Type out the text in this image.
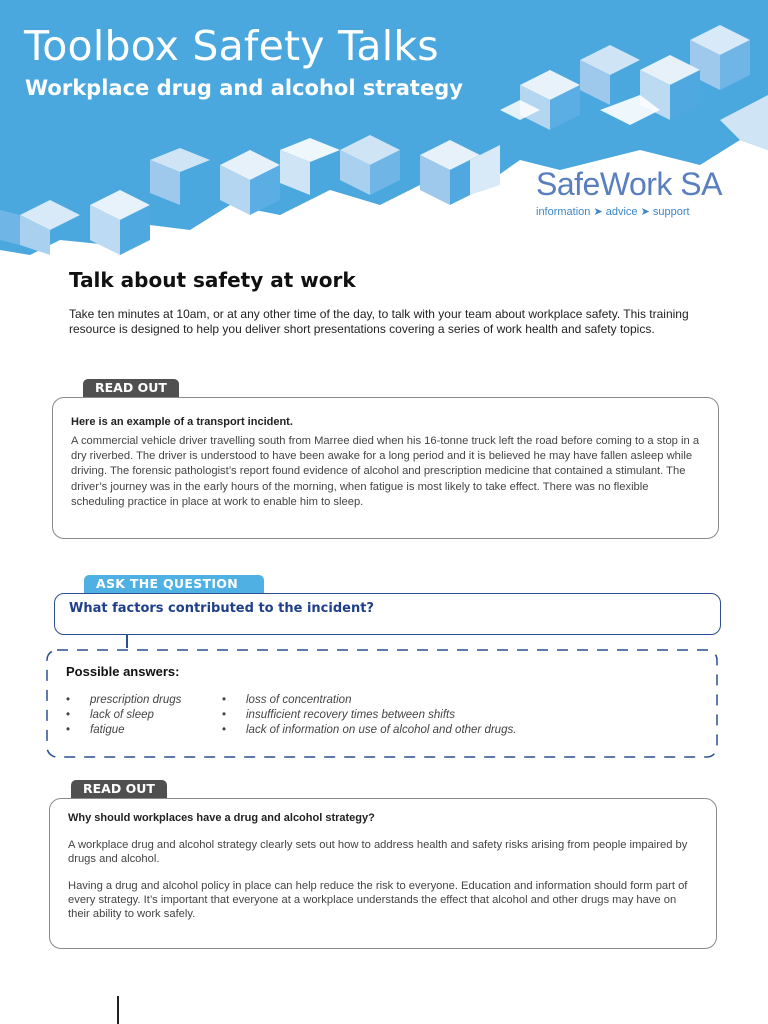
Toolbox Safety Talks
Workplace drug and alcohol strategy
SafeWork SA
information ➤ advice ➤ support
Talk about safety at work

Take ten minutes at 10am, or at any other time of the day, to talk with your team about workplace safety. This training resource is designed to help you deliver short presentations covering a series of work health and safety topics.

READ OUT

Here is an example of a transport incident.

A commercial vehicle driver travelling south from Marree died when his 16-tonne truck left the road before coming to a stop in a dry riverbed. The driver is understood to have been awake for a long period and it is believed he may have fallen asleep while driving. The forensic pathologist’s report found evidence of alcohol and prescription medicine that contained a stimulant. The driver’s journey was in the early hours of the morning, when fatigue is most likely to take effect. There was no flexible scheduling practice in place at work to enable him to sleep.

ASK THE QUESTION

What factors contributed to the incident?

Possible answers:

• prescription drugs
• lack of sleep
• fatigue
• loss of concentration
• insufficient recovery times between shifts
• lack of information on use of alcohol and other drugs.
READ OUT

Why should workplaces have a drug and alcohol strategy?

A workplace drug and alcohol strategy clearly sets out how to address health and safety risks arising from people impaired by drugs and alcohol.

Having a drug and alcohol policy in place can help reduce the risk to everyone. Education and information should form part of every strategy. It’s important that everyone at a workplace understands the effect that alcohol and other drugs may have on their ability to work safely.
